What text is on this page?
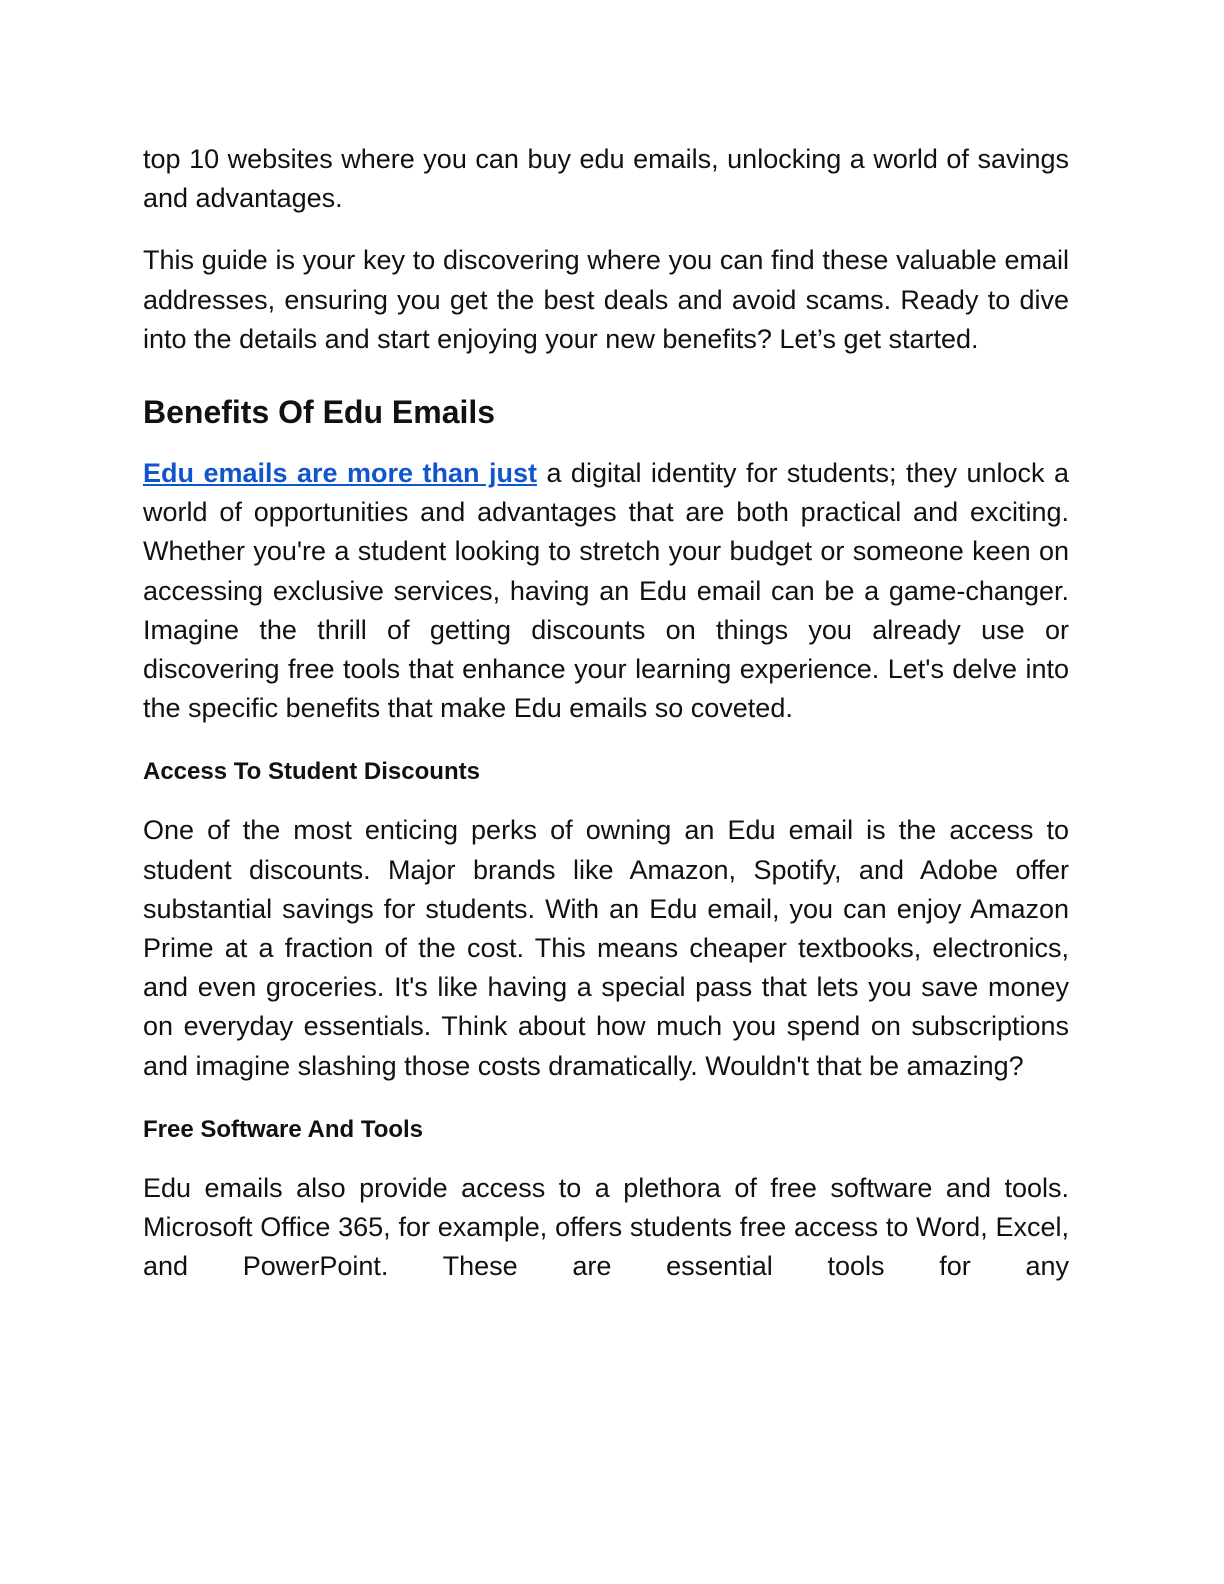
top 10 websites where you can buy edu emails, unlocking a world of savings and advantages.

This guide is your key to discovering where you can find these valuable email addresses, ensuring you get the best deals and avoid scams. Ready to dive into the details and start enjoying your new benefits? Let’s get started.

Benefits Of Edu Emails

Edu emails are more than just a digital identity for students; they unlock a world of opportunities and advantages that are both practical and exciting. Whether you're a student looking to stretch your budget or someone keen on accessing exclusive services, having an Edu email can be a game-changer. Imagine the thrill of getting discounts on things you already use or discovering free tools that enhance your learning experience. Let's delve into the specific benefits that make Edu emails so coveted.

Access To Student Discounts

One of the most enticing perks of owning an Edu email is the access to student discounts. Major brands like Amazon, Spotify, and Adobe offer substantial savings for students. With an Edu email, you can enjoy Amazon Prime at a fraction of the cost. This means cheaper textbooks, electronics, and even groceries. It's like having a special pass that lets you save money on everyday essentials. Think about how much you spend on subscriptions and imagine slashing those costs dramatically. Wouldn't that be amazing?

Free Software And Tools

Edu emails also provide access to a plethora of free software and tools. Microsoft Office 365, for example, offers students free access to Word, Excel, and PowerPoint. These are essential tools for any
